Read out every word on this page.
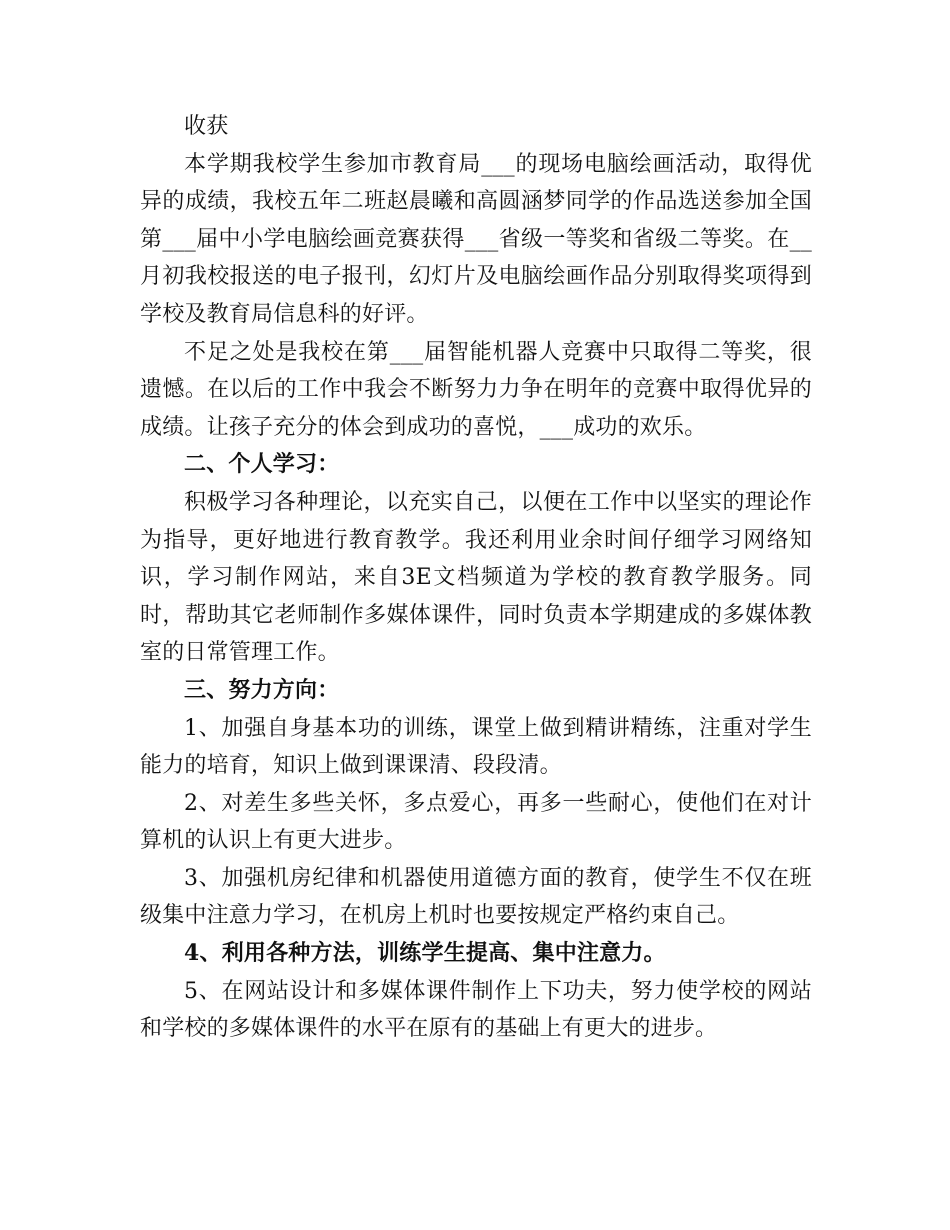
收获

本学期我校学生参加市教育局___的现场电脑绘画活动，取得优异的成绩，我校五年二班赵晨曦和高圆涵梦同学的作品选送参加全国第___届中小学电脑绘画竞赛获得___省级一等奖和省级二等奖。在__月初我校报送的电子报刊，幻灯片及电脑绘画作品分别取得奖项得到学校及教育局信息科的好评。

不足之处是我校在第___届智能机器人竞赛中只取得二等奖，很遗憾。在以后的工作中我会不断努力力争在明年的竞赛中取得优异的成绩。让孩子充分的体会到成功的喜悦，___成功的欢乐。

二、个人学习：

积极学习各种理论，以充实自己，以便在工作中以坚实的理论作为指导，更好地进行教育教学。我还利用业余时间仔细学习网络知识，学习制作网站，来自3E文档频道为学校的教育教学服务。同时，帮助其它老师制作多媒体课件，同时负责本学期建成的多媒体教室的日常管理工作。

三、努力方向：

1、加强自身基本功的训练，课堂上做到精讲精练，注重对学生能力的培育，知识上做到课课清、段段清。

2、对差生多些关怀，多点爱心，再多一些耐心，使他们在对计算机的认识上有更大进步。

3、加强机房纪律和机器使用道德方面的教育，使学生不仅在班级集中注意力学习，在机房上机时也要按规定严格约束自己。

4、利用各种方法，训练学生提高、集中注意力。

5、在网站设计和多媒体课件制作上下功夫，努力使学校的网站和学校的多媒体课件的水平在原有的基础上有更大的进步。
